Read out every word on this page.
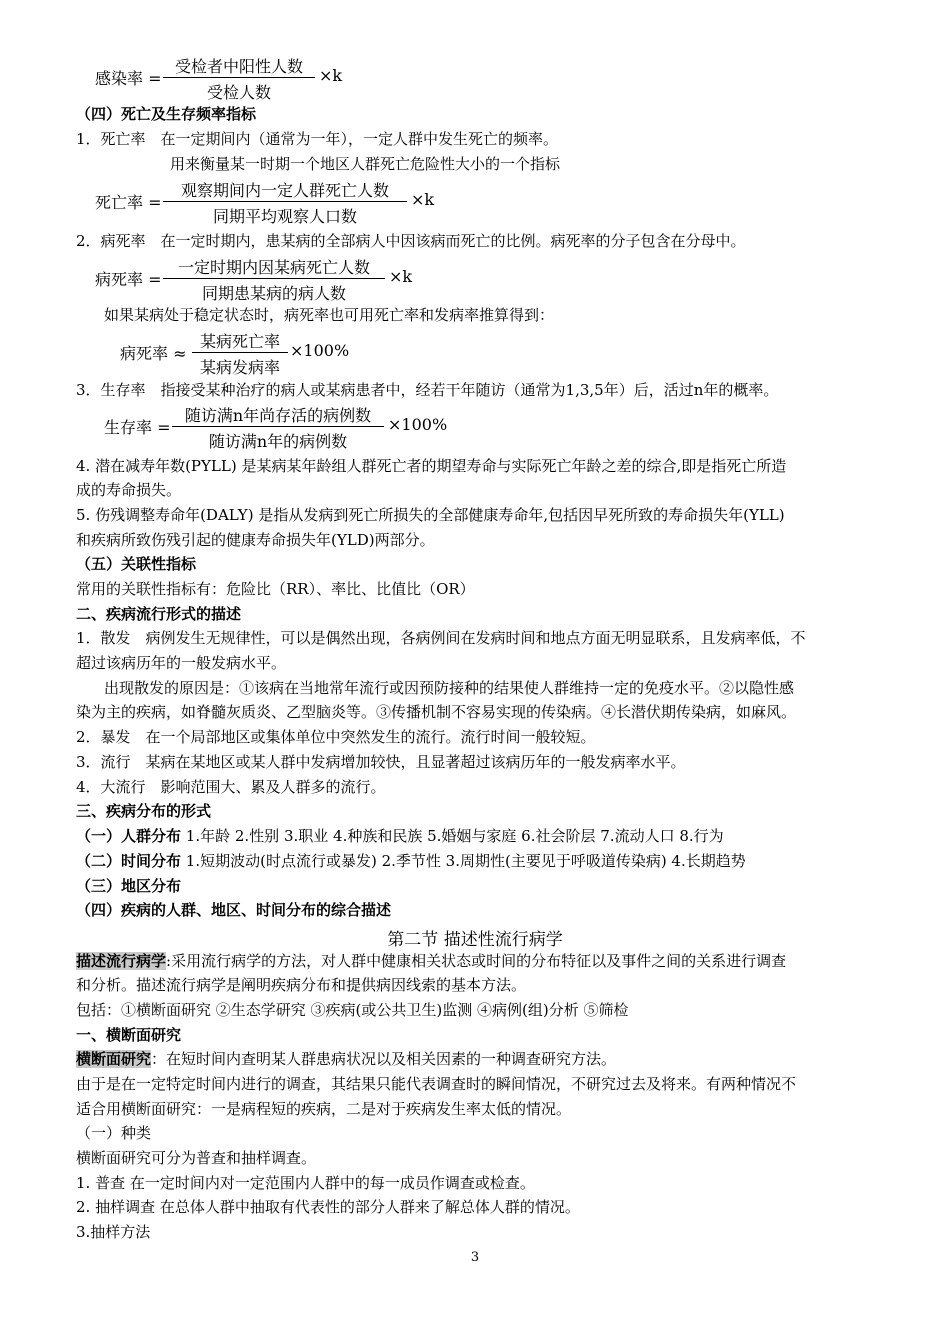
感染率 =
受检者中阳性人数
受检人数
×k
（四）死亡及生存频率指标
1．死亡率　在一定期间内（通常为一年），一定人群中发生死亡的频率。
用来衡量某一时期一个地区人群死亡危险性大小的一个指标
死亡率 =
观察期间内一定人群死亡人数
同期平均观察人口数
×k
2．病死率　在一定时期内，患某病的全部病人中因该病而死亡的比例。病死率的分子包含在分母中。
病死率 =
一定时期内因某病死亡人数
同期患某病的病人数
×k
如果某病处于稳定状态时，病死率也可用死亡率和发病率推算得到：
病死率 ≈
某病死亡率
某病发病率
×100%
3．生存率　指接受某种治疗的病人或某病患者中，经若干年随访（通常为1,3,5年）后，活过n年的概率。
生存率 =
随访满n年尚存活的病例数
随访满n年的病例数
×100%
4. 潜在减寿年数(PYLL) 是某病某年龄组人群死亡者的期望寿命与实际死亡年龄之差的综合,即是指死亡所造
成的寿命损失。
5. 伤残调整寿命年(DALY) 是指从发病到死亡所损失的全部健康寿命年,包括因早死所致的寿命损失年(YLL)
和疾病所致伤残引起的健康寿命损失年(YLD)两部分。
（五）关联性指标
常用的关联性指标有：危险比（RR）、率比、比值比（OR）
二、疾病流行形式的描述
1．散发　病例发生无规律性，可以是偶然出现，各病例间在发病时间和地点方面无明显联系，且发病率低，不
超过该病历年的一般发病水平。
出现散发的原因是：①该病在当地常年流行或因预防接种的结果使人群维持一定的免疫水平。②以隐性感
染为主的疾病，如脊髓灰质炎、乙型脑炎等。③传播机制不容易实现的传染病。④长潜伏期传染病，如麻风。
2．暴发　在一个局部地区或集体单位中突然发生的流行。流行时间一般较短。
3．流行　某病在某地区或某人群中发病增加较快，且显著超过该病历年的一般发病率水平。
4．大流行　影响范围大、累及人群多的流行。
三、疾病分布的形式
（一）人群分布 1.年龄 2.性别 3.职业 4.种族和民族 5.婚姻与家庭 6.社会阶层 7.流动人口 8.行为
（二）时间分布 1.短期波动(时点流行或暴发) 2.季节性 3.周期性(主要见于呼吸道传染病) 4.长期趋势
（三）地区分布
（四）疾病的人群、地区、时间分布的综合描述
第二节 描述性流行病学
描述流行病学:采用流行病学的方法，对人群中健康相关状态或时间的分布特征以及事件之间的关系进行调查
和分析。描述流行病学是阐明疾病分布和提供病因线索的基本方法。
包括：①横断面研究 ②生态学研究 ③疾病(或公共卫生)监测 ④病例(组)分析 ⑤筛检
一、横断面研究
横断面研究：在短时间内查明某人群患病状况以及相关因素的一种调查研究方法。
由于是在一定特定时间内进行的调查，其结果只能代表调查时的瞬间情况，不研究过去及将来。有两种情况不
适合用横断面研究：一是病程短的疾病，二是对于疾病发生率太低的情况。
（一）种类
横断面研究可分为普查和抽样调查。
1. 普查 在一定时间内对一定范围内人群中的每一成员作调查或检查。
2. 抽样调查 在总体人群中抽取有代表性的部分人群来了解总体人群的情况。
3.抽样方法
3
